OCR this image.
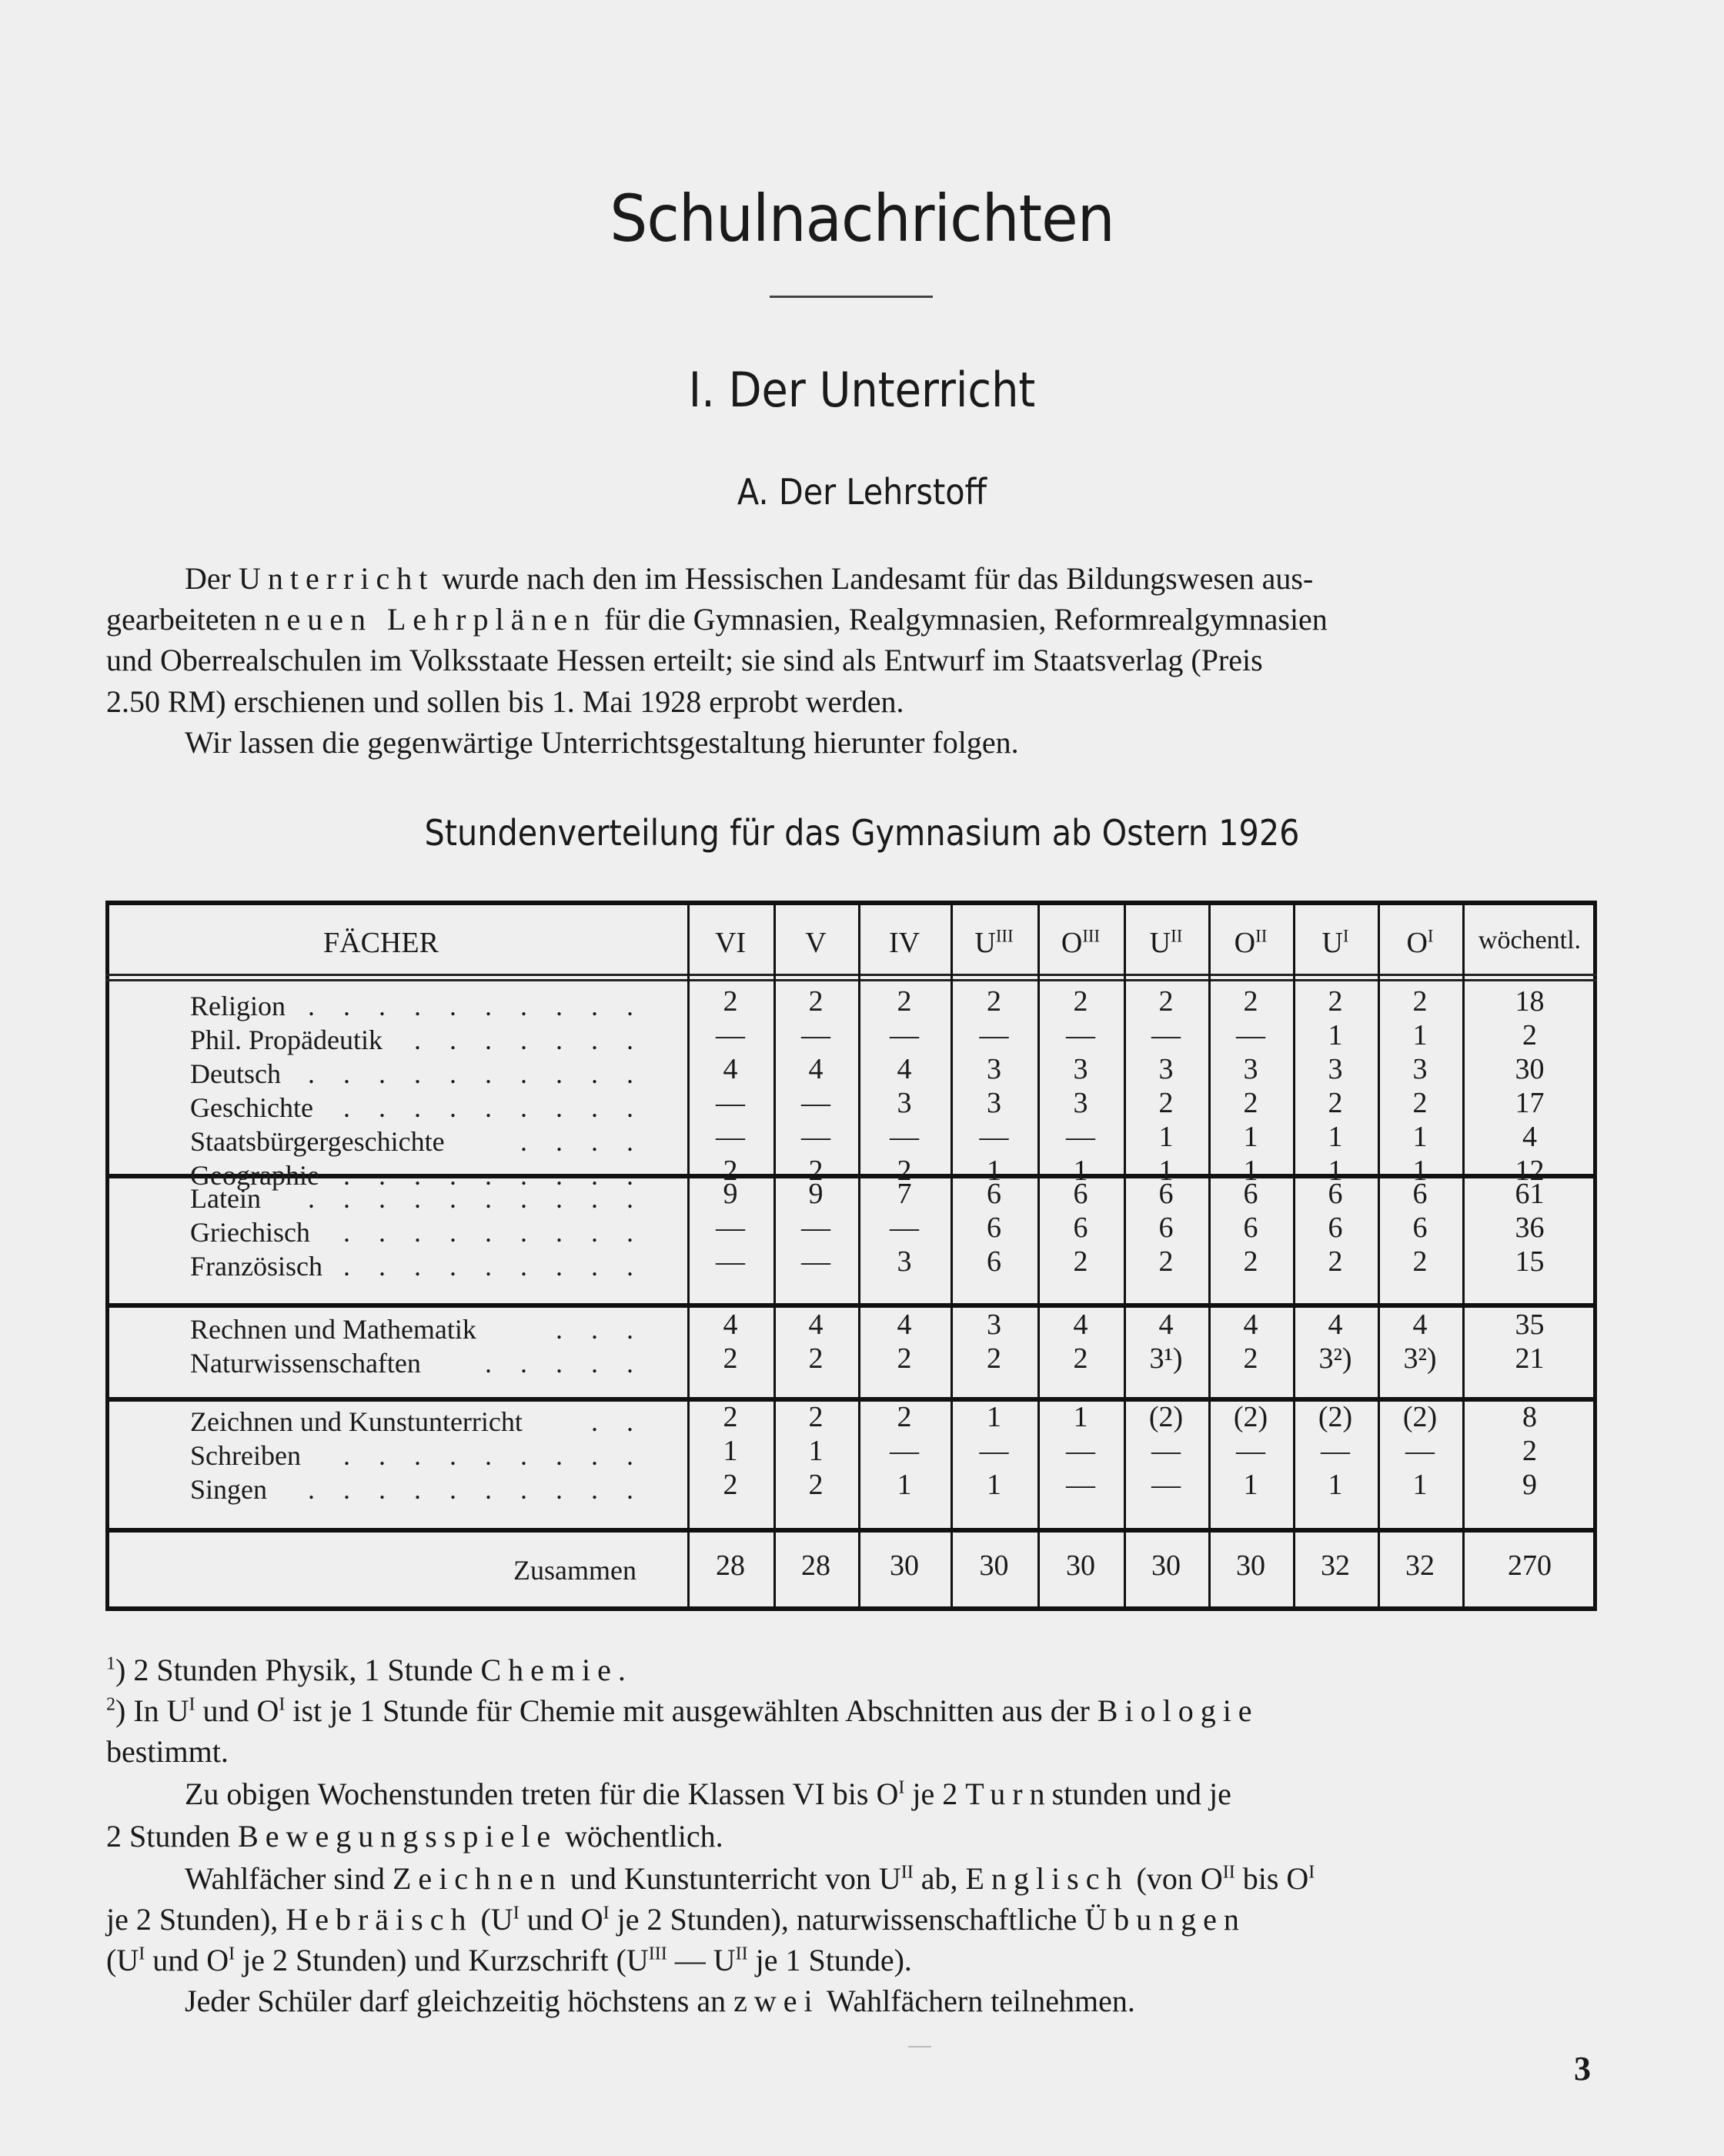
Schulnachrichten
I. Der Unterricht
A. Der Lehrstoff
Der Unterricht wurde nach den im Hessischen Landesamt für das Bildungswesen aus-
gearbeiteten neuen Lehrplänen für die Gymnasien, Realgymnasien, Reformrealgymnasien
und Oberrealschulen im Volksstaate Hessen erteilt; sie sind als Entwurf im Staatsverlag (Preis
2.50 RM) erschienen und sollen bis 1. Mai 1928 erprobt werden.
Wir lassen die gegenwärtige Unterrichtsgestaltung hierunter folgen.
Stundenverteilung für das Gymnasium ab Ostern 1926
FÄCHER	VI	V	IV	$U^{III}$	$O^{III}$	$U^{II}$	$O^{II}$	$U^I$	$O^I$	wöchentl.
Religion . . . . . . . . . .	2	2	2	2	2	2	2	2	2	18
Phil. Propädeutik . . . . . . .	—	—	—	—	—	—	—	1	1	2
Deutsch . . . . . . . . . .	4	4	4	3	3	3	3	3	3	30
Geschichte . . . . . . . . .	—	—	3	3	3	2	2	2	2	17
Staatsbürgergeschichte	. . . .	—	—	—	—	—	1	1	1	1	4
Geographie . . . . . . . . .	2	2	2	1	1	1	1	1	1	12
Latein . . . . . . . . . .	9	9	7	6	6	6	6	6	6	61
Griechisch . . . . . . . . .	—	—	—	6	6	6	6	6	6	36
Französisch . . . . . . . . .	—	—	3	6	2	2	2	2	2	15
Rechnen und Mathematik	. . .	4	4	4	3	4	4	4	4	4	35
Naturwissenschaften . . . . .	2	2	2	2	2	3¹)	2	3²)	3²)	21
Zeichnen und Kunstunterricht . .	2	2	2	1	1	(2)	(2)	(2)	(2)	8
Schreiben . . . . . . . . .	1	1	—	—	—	—	—	—	—	2
Singen . . . . . . . . . .	2	2	1	1	—	—	1	1	1	9
Zusammen	28	28	30	30	30	30	30	32	32	270
$^1$) 2 Stunden Physik, 1 Stunde Chemie.
$^2$) In $U^I$ und $O^I$ ist je 1 Stunde für Chemie mit ausgewählten Abschnitten aus der Biologie
bestimmt.
Zu obigen Wochenstunden treten für die Klassen VI bis $O^I$ je 2 Turnstunden und je
2 Stunden Bewegungsspiele wöchentlich.
Wahlfächer sind Zeichnen und Kunstunterricht von $U^{II}$ ab, Englisch (von $O^{II}$ bis $O^I$
je 2 Stunden), Hebräisch ($U^I$ und $O^I$ je 2 Stunden), naturwissenschaftliche Übungen
($U^I$ und $O^I$ je 2 Stunden) und Kurzschrift ($U^{III}$ — $U^{II}$ je 1 Stunde).
Jeder Schüler darf gleichzeitig höchstens an zwei Wahlfächern teilnehmen.
3
